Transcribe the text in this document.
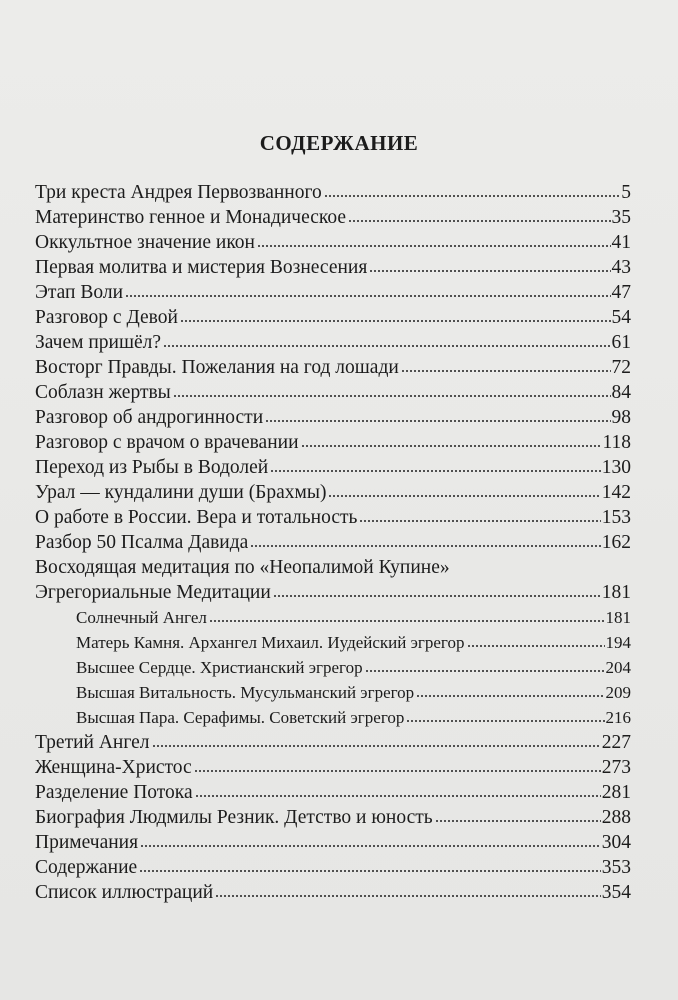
СОДЕРЖАНИЕ
Три креста Андрея Первозванного	5
Материнство генное и Монадическое	35
Оккультное значение икон	41
Первая молитва и мистерия Вознесения	43
Этап Воли	47
Разговор с Девой	54
Зачем пришёл?	61
Восторг Правды. Пожелания на год лошади	72
Соблазн жертвы	84
Разговор об андрогинности	98
Разговор с врачом о врачевании	118
Переход из Рыбы в Водолей	130
Урал — кундалини души (Брахмы)	142
О работе в России. Вера и тотальность	153
Разбор 50 Псалма Давида	162
Восходящая медитация по «Неопалимой Купине»
Эгрегориальные Медитации	181
Солнечный Ангел	181
Матерь Камня. Архангел Михаил. Иудейский эгрегор	194
Высшее Сердце. Христианский эгрегор	204
Высшая Витальность. Мусульманский эгрегор	209
Высшая Пара. Серафимы. Советский эгрегор	216
Третий Ангел	227
Женщина-Христос	273
Разделение Потока	281
Биография Людмилы Резник. Детство и юность	288
Примечания	304
Содержание	353
Список иллюстраций	354
